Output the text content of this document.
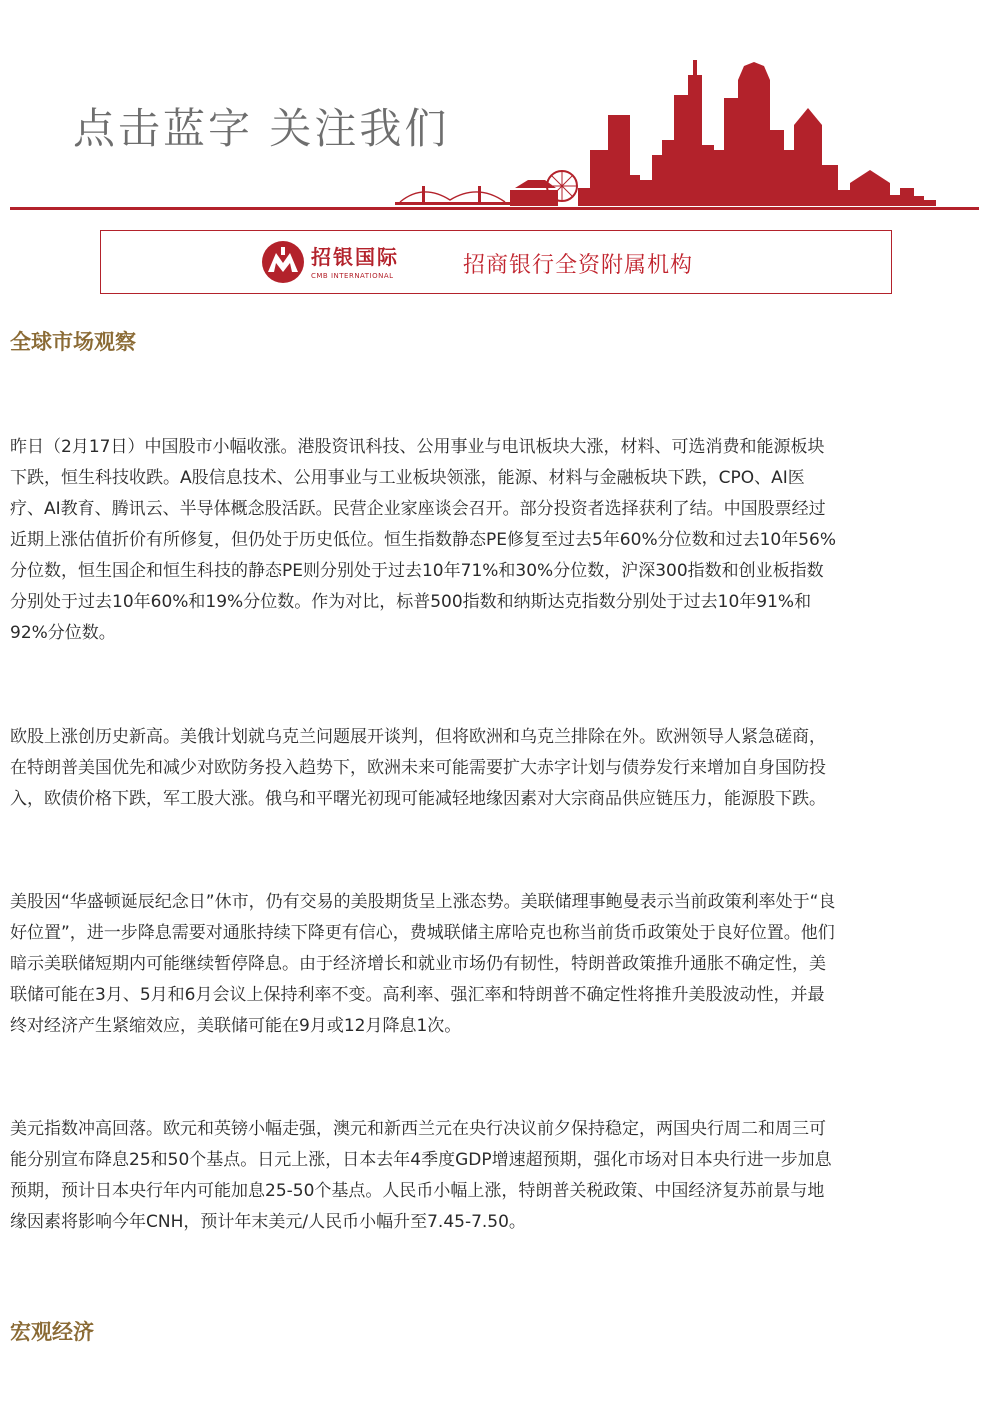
点击蓝字 关注我们
招银国际
CMB INTERNATIONAL	招商银行全资附属机构
全球市场观察
昨日（2月17日）中国股市小幅收涨。港股资讯科技、公用事业与电讯板块大涨，材料、可选消费和能源板块
下跌，恒生科技收跌。A股信息技术、公用事业与工业板块领涨，能源、材料与金融板块下跌，CPO、AI医
疗、AI教育、腾讯云、半导体概念股活跃。民营企业家座谈会召开。部分投资者选择获利了结。中国股票经过
近期上涨估值折价有所修复，但仍处于历史低位。恒生指数静态PE修复至过去5年60%分位数和过去10年56%
分位数，恒生国企和恒生科技的静态PE则分别处于过去10年71%和30%分位数，沪深300指数和创业板指数
分别处于过去10年60%和19%分位数。作为对比，标普500指数和纳斯达克指数分别处于过去10年91%和
92%分位数。
欧股上涨创历史新高。美俄计划就乌克兰问题展开谈判，但将欧洲和乌克兰排除在外。欧洲领导人紧急磋商，
在特朗普美国优先和减少对欧防务投入趋势下，欧洲未来可能需要扩大赤字计划与债券发行来增加自身国防投
入，欧债价格下跌，军工股大涨。俄乌和平曙光初现可能减轻地缘因素对大宗商品供应链压力，能源股下跌。
美股因“华盛顿诞辰纪念日”休市，仍有交易的美股期货呈上涨态势。美联储理事鲍曼表示当前政策利率处于“良
好位置”，进一步降息需要对通胀持续下降更有信心，费城联储主席哈克也称当前货币政策处于良好位置。他们
暗示美联储短期内可能继续暂停降息。由于经济增长和就业市场仍有韧性，特朗普政策推升通胀不确定性，美
联储可能在3月、5月和6月会议上保持利率不变。高利率、强汇率和特朗普不确定性将推升美股波动性，并最
终对经济产生紧缩效应，美联储可能在9月或12月降息1次。
美元指数冲高回落。欧元和英镑小幅走强，澳元和新西兰元在央行决议前夕保持稳定，两国央行周二和周三可
能分别宣布降息25和50个基点。日元上涨，日本去年4季度GDP增速超预期，强化市场对日本央行进一步加息
预期，预计日本央行年内可能加息25-50个基点。人民币小幅上涨，特朗普关税政策、中国经济复苏前景与地
缘因素将影响今年CNH，预计年末美元/人民币小幅升至7.45-7.50。
宏观经济
